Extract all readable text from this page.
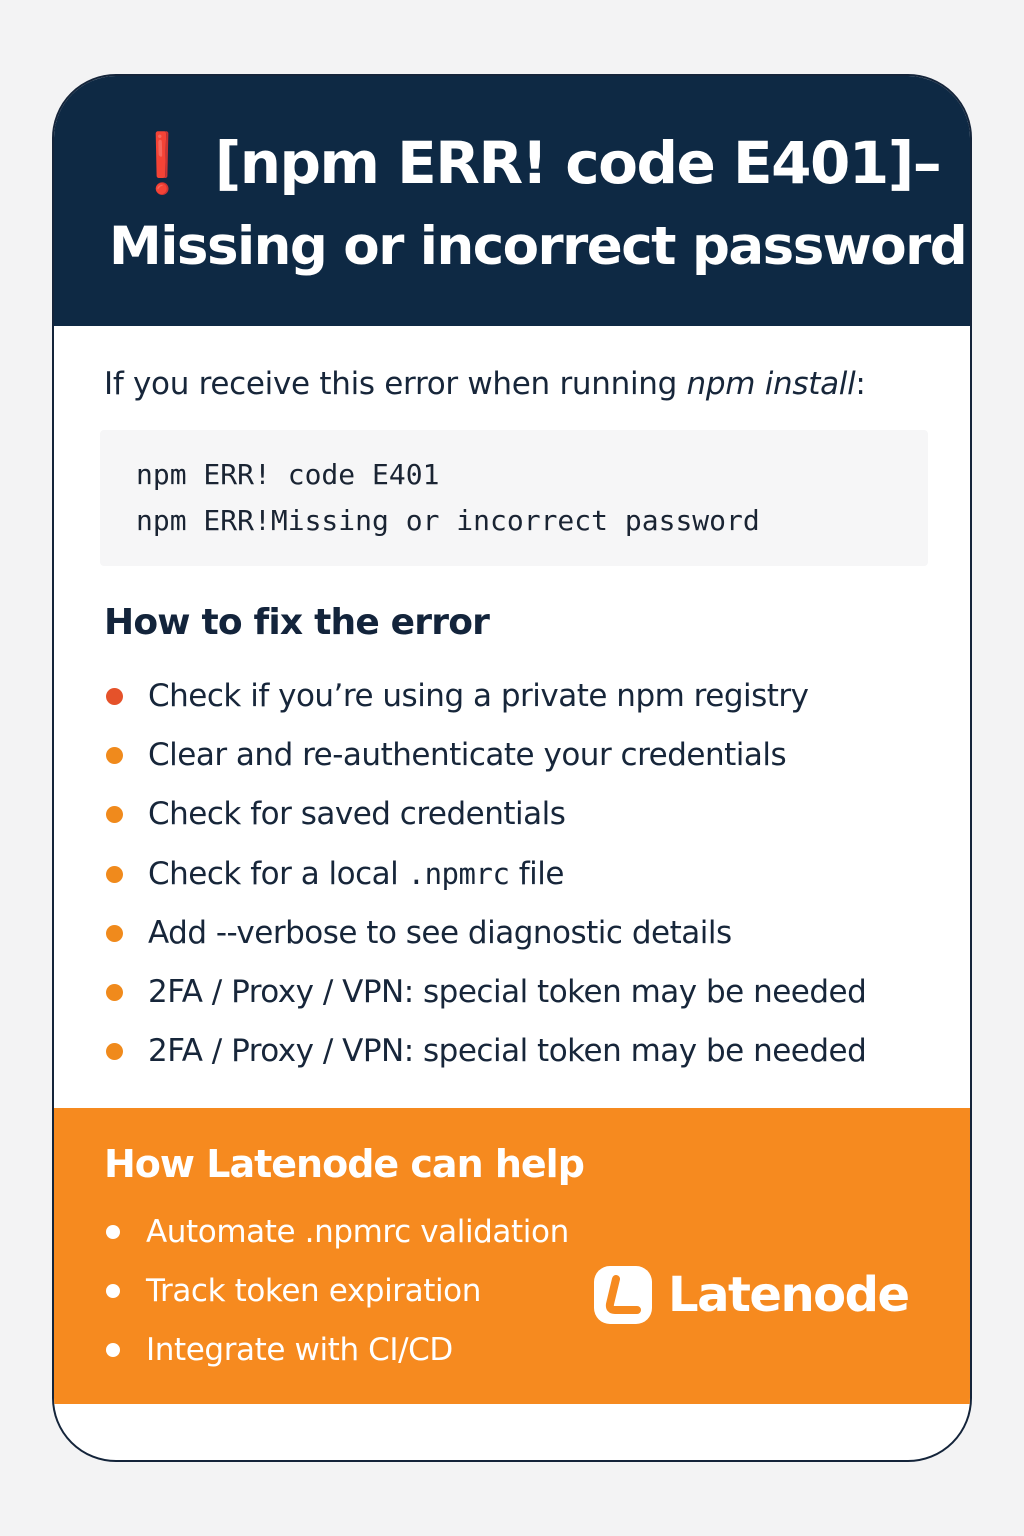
❗ [npm ERR! code E401]–
Missing or incorrect password
If you receive this error when running npm install:
npm ERR! code E401
npm ERR!Missing or incorrect password
How to fix the error
Check if you’re using a private npm registry
Clear and re-authenticate your credentials
Check for saved credentials
Check for a local .npmrc file
Add --verbose to see diagnostic details
2FA / Proxy / VPN: special token may be needed
2FA / Proxy / VPN: special token may be needed
How Latenode can help
Automate .npmrc validation
Track token expiration
Integrate with CI/CD
Latenode
